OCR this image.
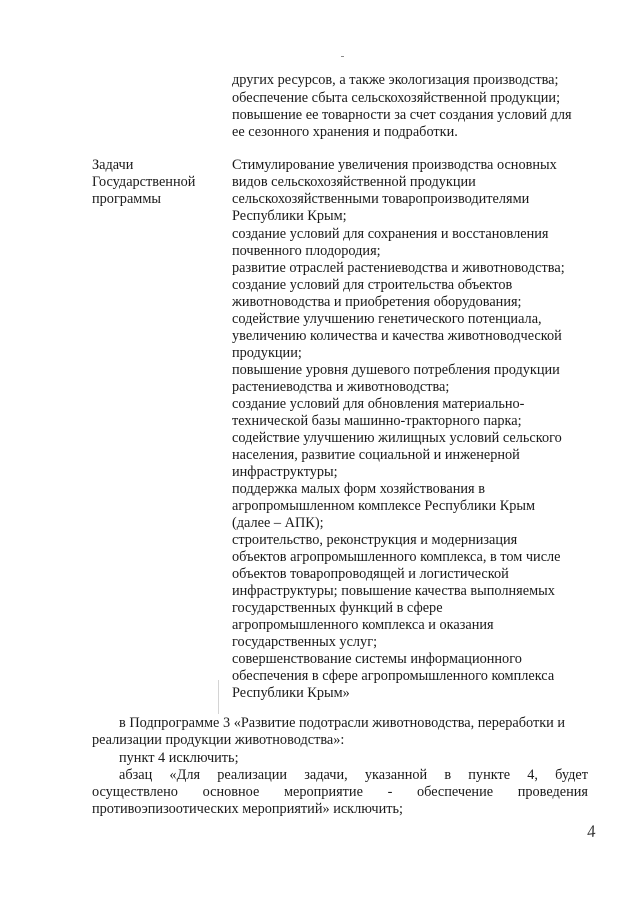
других ресурсов, а также экологизация производства;
обеспечение сбыта сельскохозяйственной продукции;
повышение ее товарности за счет создания условий для
ее сезонного хранения и подработки.
Задачи
Государственной
программы
Стимулирование увеличения производства основных
видов сельскохозяйственной продукции
сельскохозяйственными товаропроизводителями
Республики Крым;
создание условий для сохранения и восстановления
почвенного плодородия;
развитие отраслей растениеводства и животноводства;
создание условий для строительства объектов
животноводства и приобретения оборудования;
содействие улучшению генетического потенциала,
увеличению количества и качества животноводческой
продукции;
повышение уровня душевого потребления продукции
растениеводства и животноводства;
создание условий для обновления материально-
технической базы машинно-тракторного парка;
содействие улучшению жилищных условий сельского
населения, развитие социальной и инженерной
инфраструктуры;
поддержка малых форм хозяйствования в
агропромышленном комплексе Республики Крым
(далее – АПК);
строительство, реконструкция и модернизация
объектов агропромышленного комплекса, в том числе
объектов товаропроводящей и логистической
инфраструктуры; повышение качества выполняемых
государственных функций в сфере
агропромышленного комплекса и оказания
государственных услуг;
совершенствование системы информационного
обеспечения в сфере агропромышленного комплекса
Республики Крым»
в Подпрограмме 3 «Развитие подотрасли животноводства, переработки и
реализации продукции животноводства»:
пункт 4 исключить;
абзац «Для реализации задачи, указанной в пункте 4, будет
осуществлено основное мероприятие - обеспечение проведения
противоэпизоотических мероприятий» исключить;
4
